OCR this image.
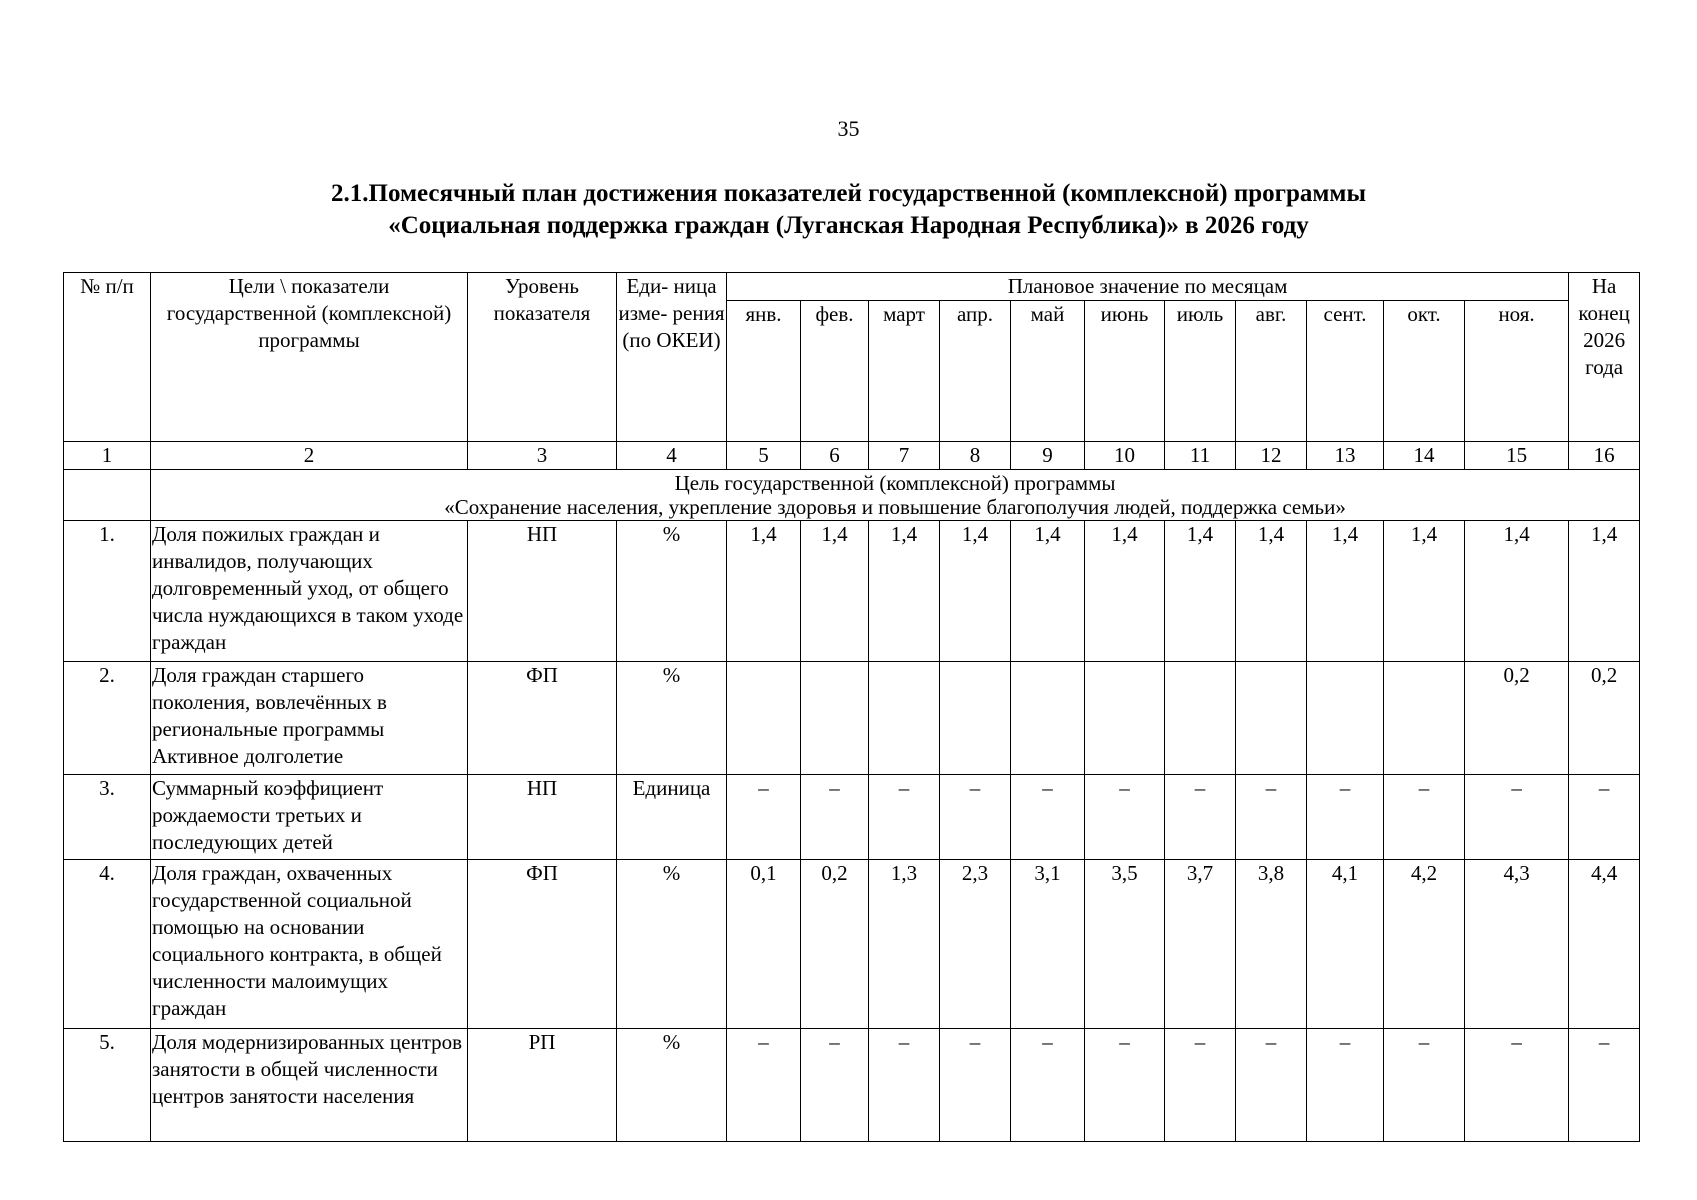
35
2.1.Помесячный план достижения показателей государственной (комплексной) программы
«Социальная поддержка граждан (Луганская Народная Республика)» в 2026 году
№ п/п	Цели \ показатели государственной (комплексной) программы	Уровень показателя	Еди- ница изме- рения (по ОКЕИ)	Плановое значение по месяцам											На конец 2026 года
				янв.	фев.	март	апр.	май	июнь	июль	авг.	сент.	окт.	ноя.	
1	2	3	4	5	6	7	8	9	10	11	12	13	14	15	16

	Цель государственной (комплексной) программы
«Сохранение населения, укрепление здоровья и повышение благополучия людей, поддержка семьи»														

1.	Доля пожилых граждан и инвалидов, получающих долговременный уход, от общего числа нуждающихся в таком уходе граждан	НП	%	1,4	1,4	1,4	1,4	1,4	1,4	1,4	1,4	1,4	1,4	1,4	1,4
2.	Доля граждан старшего поколения, вовлечённых в региональные программы Активное долголетие	ФП	%											0,2	0,2
3.	Суммарный коэффициент рождаемости третьих и последующих детей	НП	Единица	–	–	–	–	–	–	–	–	–	–	–	–
4.	Доля граждан, охваченных государственной социальной помощью на основании социального контракта, в общей численности малоимущих граждан	ФП	%	0,1	0,2	1,3	2,3	3,1	3,5	3,7	3,8	4,1	4,2	4,3	4,4
5.	Доля модернизированных центров занятости в общей численности центров занятости населения	РП	%	–	–	–	–	–	–	–	–	–	–	–	–
